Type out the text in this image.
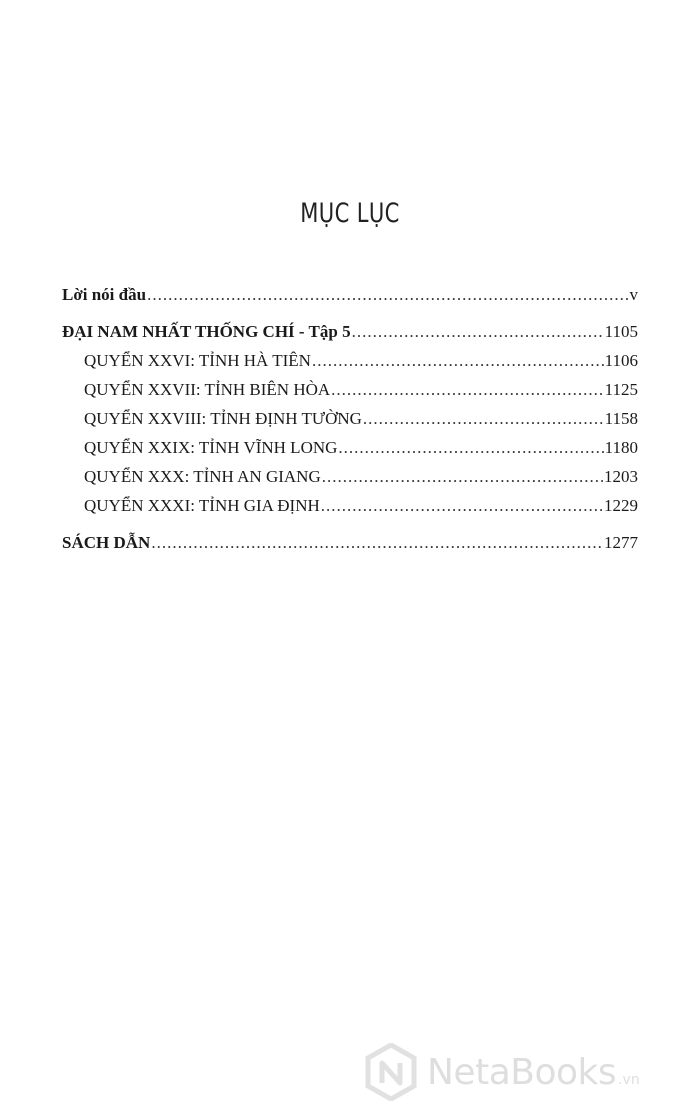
MỤC LỤC
Lời nói đầu .....	v
ĐẠI NAM NHẤT THỐNG CHÍ - Tập 5 .....	1105
QUYỂN XXVI: TỈNH HÀ TIÊN .....	1106
QUYỂN XXVII: TỈNH BIÊN HÒA .....	1125
QUYỂN XXVIII: TỈNH ĐỊNH TƯỜNG .....	1158
QUYỂN XXIX: TỈNH VĨNH LONG .....	1180
QUYỂN XXX: TỈNH AN GIANG .....	1203
QUYỂN XXXI: TỈNH GIA ĐỊNH .....	1229
SÁCH DẪN .....	1277
NetaBooks .vn
